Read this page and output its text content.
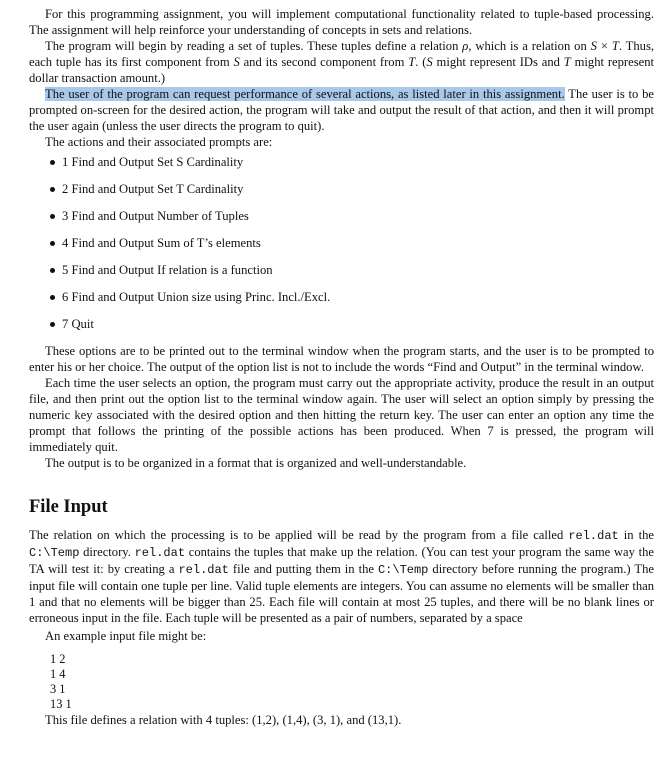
For this programming assignment, you will implement computational functionality related to tuple-based processing. The assignment will help reinforce your understanding of concepts in sets and relations.

The program will begin by reading a set of tuples. These tuples define a relation ρ, which is a relation on S × T. Thus, each tuple has its first component from S and its second component from T. (S might represent IDs and T might represent dollar transaction amount.)

The user of the program can request performance of several actions, as listed later in this assignment. The user is to be prompted on-screen for the desired action, the program will take and output the result of that action, and then it will prompt the user again (unless the user directs the program to quit).

The actions and their associated prompts are:

1 Find and Output Set S Cardinality
2 Find and Output Set T Cardinality
3 Find and Output Number of Tuples
4 Find and Output Sum of T’s elements
5 Find and Output If relation is a function
6 Find and Output Union size using Princ. Incl./Excl.
7 Quit

These options are to be printed out to the terminal window when the program starts, and the user is to be prompted to enter his or her choice. The output of the option list is not to include the words “Find and Output” in the terminal window.

Each time the user selects an option, the program must carry out the appropriate activity, produce the result in an output file, and then print out the option list to the terminal window again. The user will select an option simply by pressing the numeric key associated with the desired option and then hitting the return key. The user can enter an option any time the prompt that follows the printing of the possible actions has been produced. When 7 is pressed, the program will immediately quit.

The output is to be organized in a format that is organized and well-understandable.

File Input

The relation on which the processing is to be applied will be read by the program from a file called rel.dat in the C:\Temp directory. rel.dat contains the tuples that make up the relation. (You can test your program the same way the TA will test it: by creating a rel.dat file and putting them in the C:\Temp directory before running the program.) The input file will contain one tuple per line. Valid tuple elements are integers. You can assume no elements will be smaller than 1 and that no elements will be bigger than 25. Each file will contain at most 25 tuples, and there will be no blank lines or erroneous input in the file. Each tuple will be presented as a pair of numbers, separated by a space

An example input file might be:

1 2
1 4
3 1
13 1

This file defines a relation with 4 tuples: (1,2), (1,4), (3, 1), and (13,1).
